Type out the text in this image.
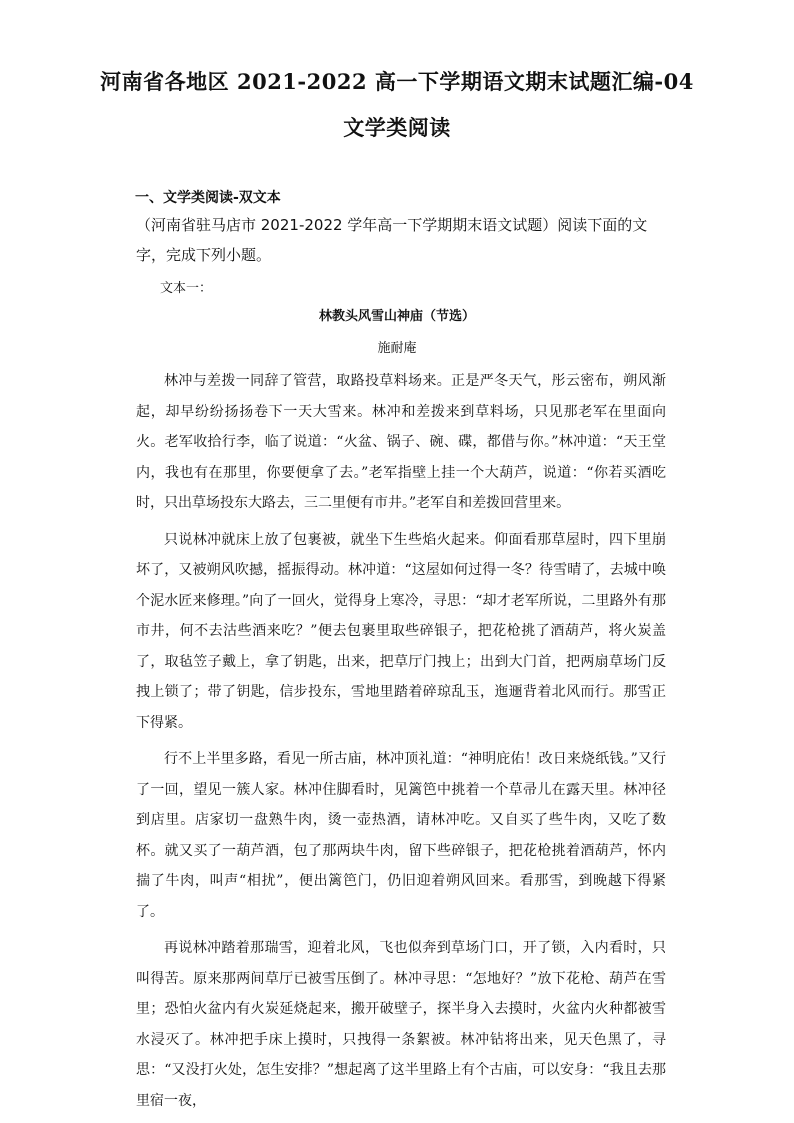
河南省各地区 2021-2022 高一下学期语文期末试题汇编-04
文学类阅读
一、文学类阅读-双文本

（河南省驻马店市 2021-2022 学年高一下学期期末语文试题）阅读下面的文字，完成下列小题。

文本一：

林教头风雪山神庙（节选）

施耐庵

林冲与差拨一同辞了管营，取路投草料场来。正是严冬天气，彤云密布，朔风渐起，却早纷纷扬扬卷下一天大雪来。林冲和差拨来到草料场，只见那老军在里面向火。老军收拾行李，临了说道：“火盆、锅子、碗、碟，都借与你。”林冲道：“天王堂内，我也有在那里，你要便拿了去。”老军指壁上挂一个大葫芦，说道：“你若买酒吃时，只出草场投东大路去，三二里便有市井。”老军自和差拨回营里来。

只说林冲就床上放了包裹被，就坐下生些焰火起来。仰面看那草屋时，四下里崩坏了，又被朔风吹撼，摇振得动。林冲道：“这屋如何过得一冬？待雪晴了，去城中唤个泥水匠来修理。”向了一回火，觉得身上寒冷，寻思：“却才老军所说，二里路外有那市井，何不去沽些酒来吃？”便去包裹里取些碎银子，把花枪挑了酒葫芦，将火炭盖了，取毡笠子戴上，拿了钥匙，出来，把草厅门拽上；出到大门首，把两扇草场门反拽上锁了；带了钥匙，信步投东，雪地里踏着碎琼乱玉，迤逦背着北风而行。那雪正下得紧。

行不上半里多路，看见一所古庙，林冲顶礼道：“神明庇佑！改日来烧纸钱。”又行了一回，望见一簇人家。林冲住脚看时，见篱笆中挑着一个草帚儿在露天里。林冲径到店里。店家切一盘熟牛肉，烫一壶热酒，请林冲吃。又自买了些牛肉，又吃了数杯。就又买了一葫芦酒，包了那两块牛肉，留下些碎银子，把花枪挑着酒葫芦，怀内揣了牛肉，叫声“相扰”，便出篱笆门，仍旧迎着朔风回来。看那雪，到晚越下得紧了。

再说林冲踏着那瑞雪，迎着北风，飞也似奔到草场门口，开了锁，入内看时，只叫得苦。原来那两间草厅已被雪压倒了。林冲寻思：“怎地好？”放下花枪、葫芦在雪里；恐怕火盆内有火炭延烧起来，搬开破壁子，探半身入去摸时，火盆内火种都被雪水浸灭了。林冲把手床上摸时，只拽得一条絮被。林冲钻将出来，见天色黑了，寻思：“又没打火处，怎生安排？”想起离了这半里路上有个古庙，可以安身：“我且去那里宿一夜，
